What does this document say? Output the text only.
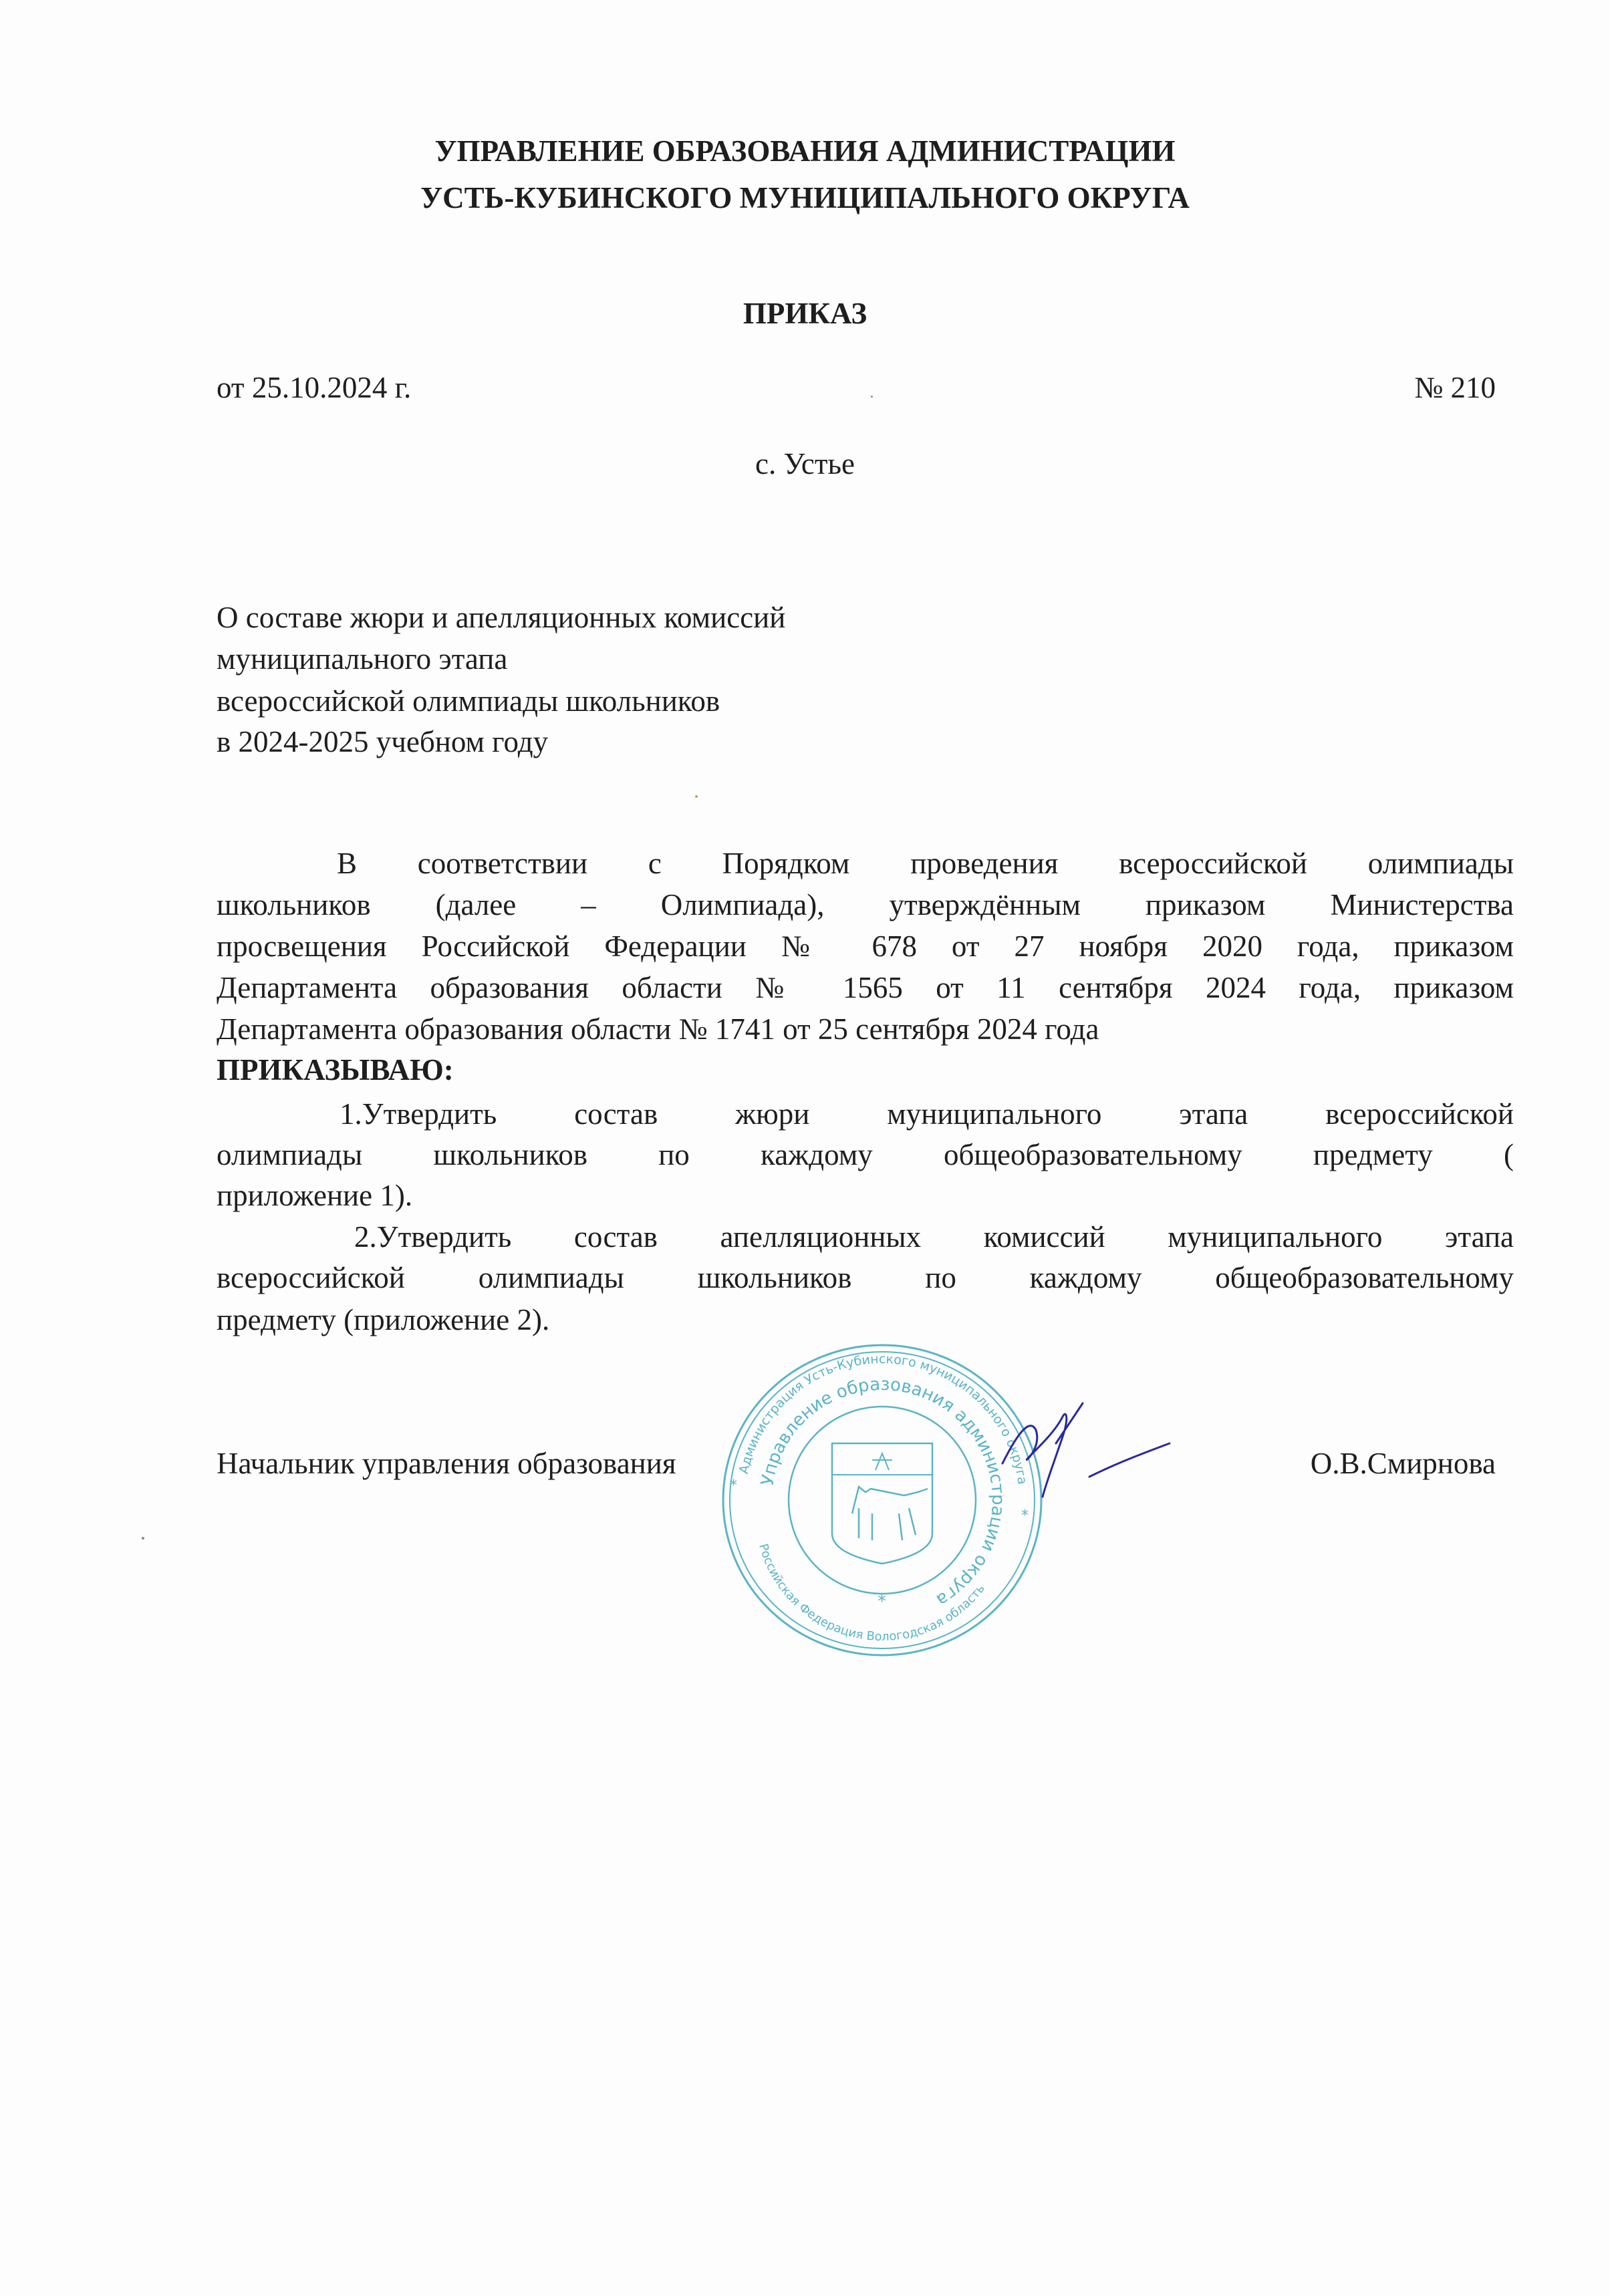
УПРАВЛЕНИЕ ОБРАЗОВАНИЯ АДМИНИСТРАЦИИ
УСТЬ-КУБИНСКОГО МУНИЦИПАЛЬНОГО ОКРУГА
ПРИКАЗ
от 25.10.2024 г.	№ 210
с. Устье
О составе жюри и апелляционных комиссий
муниципального этапа
всероссийской олимпиады школьников
в 2024-2025 учебном году
В соответствии с Порядком проведения всероссийской олимпиады
школьников (далее – Олимпиада), утверждённым приказом Министерства
просвещения Российской Федерации № 678 от 27 ноября 2020 года, приказом
Департамента образования области № 1565 от 11 сентября 2024 года, приказом
Департамента образования области № 1741 от 25 сентября 2024 года
ПРИКАЗЫВАЮ:
1.Утвердить состав жюри муниципального этапа всероссийской
олимпиады школьников по каждому общеобразовательному предмету (
приложение 1).
2.Утвердить состав апелляционных комиссий муниципального этапа
всероссийской олимпиады школьников по каждому общеобразовательному
предмету (приложение 2).
Начальник управления образования	О.В.Смирнова
Администрация Усть-Кубинского муниципального округа
Управление образования администрации округа
Российская Федерация Вологодская область
*
*
*
